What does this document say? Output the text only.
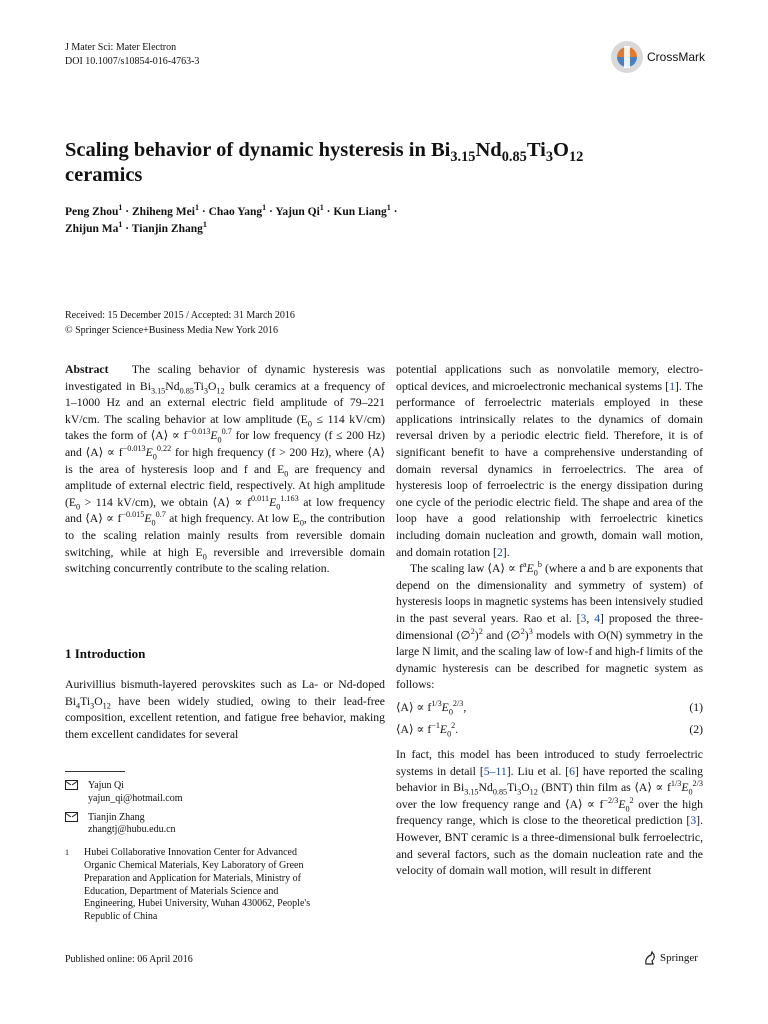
J Mater Sci: Mater Electron
DOI 10.1007/s10854-016-4763-3	CrossMark
Scaling behavior of dynamic hysteresis in $Bi_{3.15}Nd_{0.85}Ti_3O_{12}$
ceramics
Peng Zhou$^1$ · Zhiheng Mei$^1$ · Chao Yang$^1$ · Yajun $Qi^1$ · Kun Liang$^1$ ·
Zhijun $Ma^1$ · Tianjin Zhang$^1$
Received: 15 December 2015 / Accepted: 31 March 2016
© Springer Science+Business Media New York 2016

Abstract The scaling behavior of dynamic hysteresis was investigated in $Bi_{3.15}Nd_{0.85}Ti_3O_{12}$ bulk ceramics at a frequency of 1–1000 Hz and an external electric field amplitude of 79–221 kV/cm. The scaling behavior at low amplitude ($E_0 \le 114$ kV/cm) takes the form of ⟨A⟩ ∝ $f^{-0.013}E_0^{0.7}$ for low frequency (f ≤ 200 Hz) and ⟨A⟩ ∝ $f^{-0.013}E_0^{0.22}$ for high frequency (f > 200 Hz), where ⟨A⟩ is the area of hysteresis loop and f and $E_0$ are frequency and amplitude of external electric field, respectively. At high amplitude ($E_0 > 114$ kV/cm), we obtain ⟨A⟩ ∝ $f^{0.011}E_0^{1.163}$ at low frequency and ⟨A⟩ ∝ $f^{-0.015}E_0^{0.7}$ at high frequency. At low $E_0$, the contribution to the scaling relation mainly results from reversible domain switching, while at high $E_0$ reversible and irreversible domain switching concurrently contribute to the scaling relation.

1 Introduction

Aurivillius bismuth-layered perovskites such as La- or Nd-doped $Bi_4Ti_3O_{12}$ have been widely studied, owing to their lead-free composition, excellent retention, and fatigue free behavior, making them excellent candidates for several

Yajun Qi
yajun_qi@hotmail.com
Tianjin Zhang
zhangtj@hubu.edu.cn
1	Hubei Collaborative Innovation Center for Advanced Organic Chemical Materials, Key Laboratory of Green Preparation and Application for Materials, Ministry of Education, Department of Materials Science and Engineering, Hubei University, Wuhan 430062, People's Republic of China

potential applications such as nonvolatile memory, electro-optical devices, and microelectronic mechanical systems [1]. The performance of ferroelectric materials employed in these applications intrinsically relates to the dynamics of domain reversal driven by a periodic electric field. Therefore, it is of significant benefit to have a comprehensive understanding of domain reversal dynamics in ferroelectrics. The area of hysteresis loop of ferroelectric is the energy dissipation during one cycle of the periodic electric field. The shape and area of the loop have a good relationship with ferroelectric kinetics including domain nucleation and growth, domain wall motion, and domain rotation [2].

The scaling law ⟨A⟩ ∝ $f^aE_0^b$ (where a and b are exponents that depend on the dimensionality and symmetry of system) of hysteresis loops in magnetic systems has been intensively studied in the past several years. Rao et al. [3, 4] proposed the three-dimensional (∅$^2$)$^2$ and (∅$^2$)$^3$ models with O(N) symmetry in the large N limit, and the scaling law of low-f and high-f limits of the dynamic hysteresis can be described for magnetic system as follows:

⟨A⟩ ∝ $f^{1/3}E_0^{2/3}$,	(1)
⟨A⟩ ∝ $f^{-1}E_0^2$.	(2)

In fact, this model has been introduced to study ferroelectric systems in detail [5–11]. Liu et al. [6] have reported the scaling behavior in $Bi_{3.15}Nd_{0.85}Ti_3O_{12}$ (BNT) thin film as ⟨A⟩ ∝ $f^{1/3}E_0^{2/3}$ over the low frequency range and ⟨A⟩ ∝ $f^{-2/3}E_0^2$ over the high frequency range, which is close to the theoretical prediction [3]. However, BNT ceramic is a three-dimensional bulk ferroelectric, and several factors, such as the domain nucleation rate and the velocity of domain wall motion, will result in different

Published online: 06 April 2016	Springer
